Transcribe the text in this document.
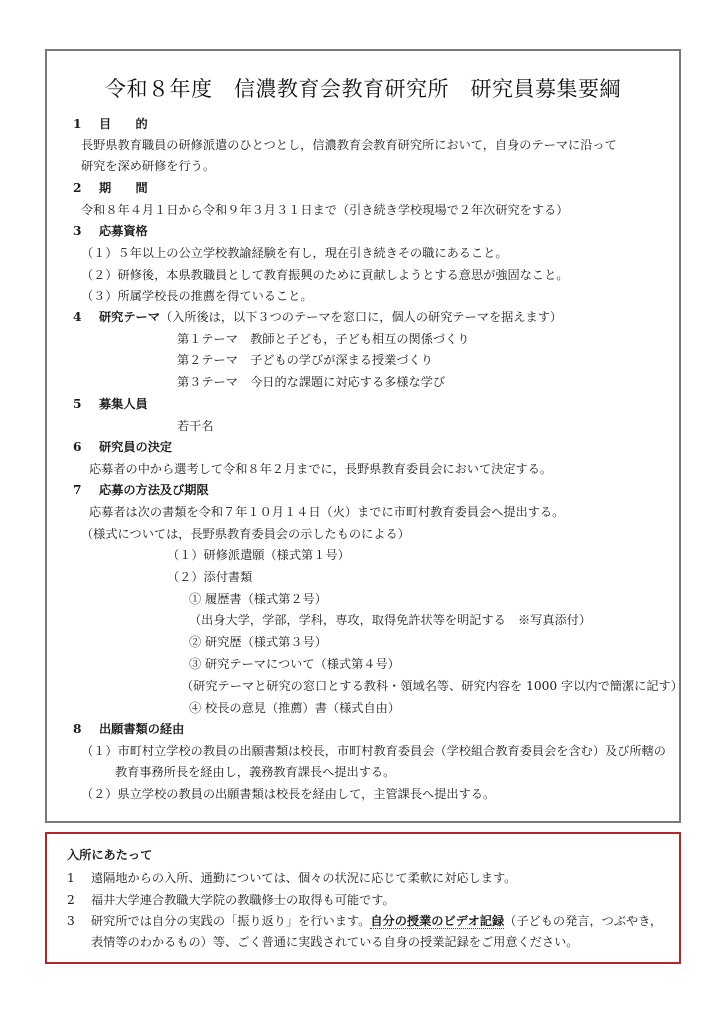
令和８年度　信濃教育会教育研究所　研究員募集要綱
1 目　　的
長野県教育職員の研修派遣のひとつとし，信濃教育会教育研究所において，自身のテーマに沿って
研究を深め研修を行う。
2 期　　間
令和８年４月１日から令和９年３月３１日まで（引き続き学校現場で２年次研究をする）
3 応募資格
（１）５年以上の公立学校教諭経験を有し，現在引き続きその職にあること。
（２）研修後，本県教職員として教育振興のために貢献しようとする意思が強固なこと。
（３）所属学校長の推薦を得ていること。
4 研究テーマ（入所後は，以下３つのテーマを窓口に，個人の研究テーマを据えます）
第１テーマ　教師と子ども，子ども相互の関係づくり
第２テーマ　子どもの学びが深まる授業づくり
第３テーマ　今日的な課題に対応する多様な学び
5 募集人員
若干名
6 研究員の決定
応募者の中から選考して令和８年２月までに，長野県教育委員会において決定する。
7 応募の方法及び期限
応募者は次の書類を令和７年１０月１４日（火）までに市町村教育委員会へ提出する。
（様式については，長野県教育委員会の示したものによる）
（１）研修派遣願（様式第１号）
（２）添付書類
① 履歴書（様式第２号）
（出身大学，学部，学科，専攻，取得免許状等を明記する　※写真添付）
② 研究歴（様式第３号）
③ 研究テーマについて（様式第４号）
（研究テーマと研究の窓口とする教科・領域名等、研究内容を 1000 字以内で簡潔に記す）
④ 校長の意見（推薦）書（様式自由）
8 出願書類の経由
（１）市町村立学校の教員の出願書類は校長，市町村教育委員会（学校組合教育委員会を含む）及び所轄の
教育事務所長を経由し，義務教育課長へ提出する。
（２）県立学校の教員の出願書類は校長を経由して，主管課長へ提出する。
入所にあたって
1 遠隔地からの入所、通勤については、個々の状況に応じて柔軟に対応します。
2 福井大学連合教職大学院の教職修士の取得も可能です。
3 研究所では自分の実践の「振り返り」を行います。自分の授業のビデオ記録（子どもの発言，つぶやき，
表情等のわかるもの）等、ごく普通に実践されている自身の授業記録をご用意ください。
